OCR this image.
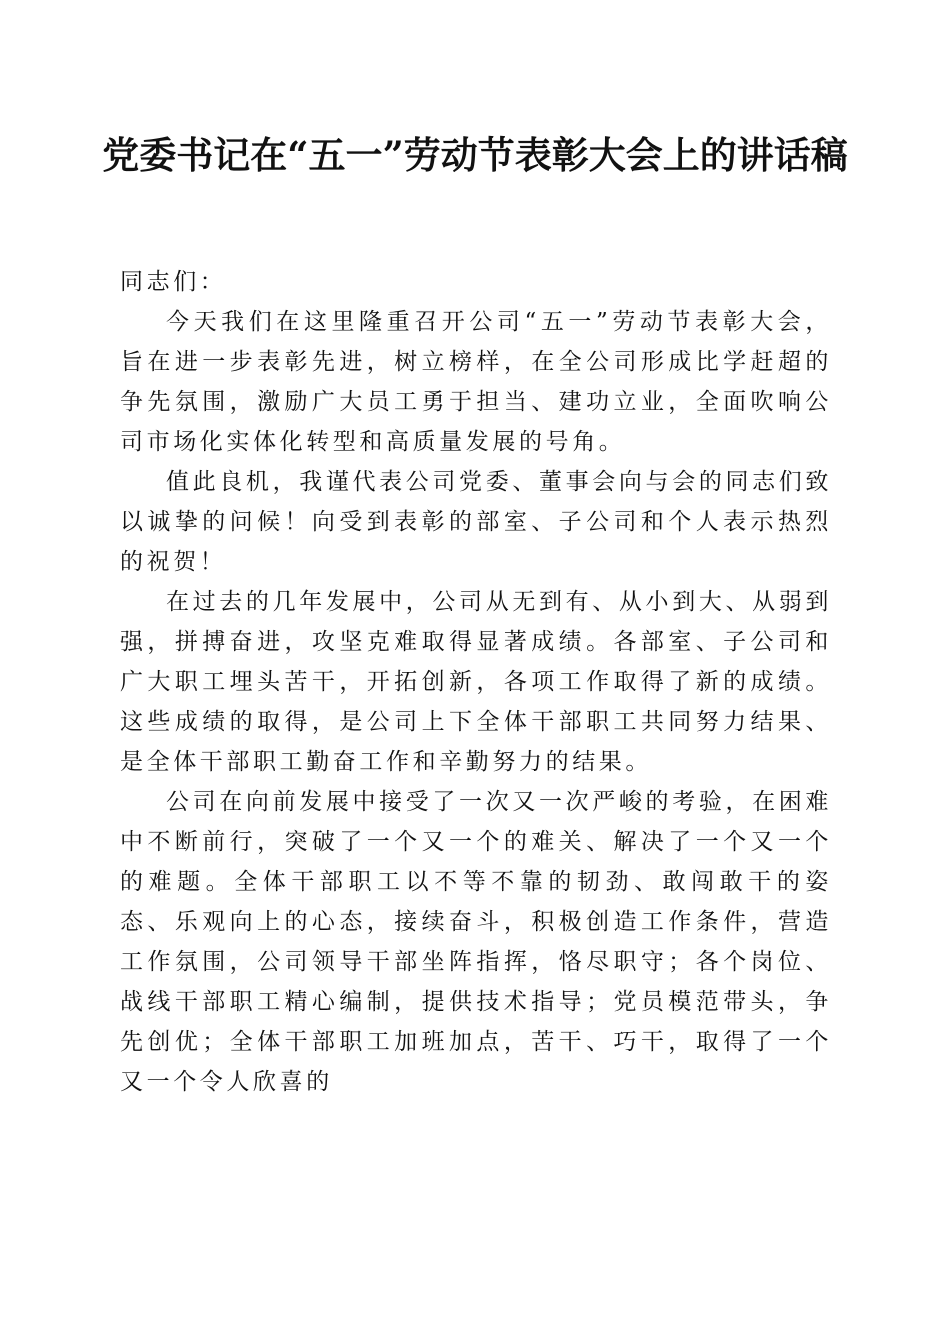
党委书记在“五一”劳动节表彰大会上的讲话稿

同志们：

今天我们在这里隆重召开公司“五一”劳动节表彰大会，旨在进一步表彰先进，树立榜样，在全公司形成比学赶超的争先氛围，激励广大员工勇于担当、建功立业，全面吹响公司市场化实体化转型和高质量发展的号角。

值此良机，我谨代表公司党委、董事会向与会的同志们致以诚挚的问候！向受到表彰的部室、子公司和个人表示热烈的祝贺！

在过去的几年发展中，公司从无到有、从小到大、从弱到强，拼搏奋进，攻坚克难取得显著成绩。各部室、子公司和广大职工埋头苦干，开拓创新，各项工作取得了新的成绩。这些成绩的取得，是公司上下全体干部职工共同努力结果、是全体干部职工勤奋工作和辛勤努力的结果。

公司在向前发展中接受了一次又一次严峻的考验，在困难中不断前行，突破了一个又一个的难关、解决了一个又一个的难题。全体干部职工以不等不靠的韧劲、敢闯敢干的姿态、乐观向上的心态，接续奋斗，积极创造工作条件，营造工作氛围，公司领导干部坐阵指挥，恪尽职守；各个岗位、战线干部职工精心编制，提供技术指导；党员模范带头，争先创优；全体干部职工加班加点，苦干、巧干，取得了一个又一个令人欣喜的
